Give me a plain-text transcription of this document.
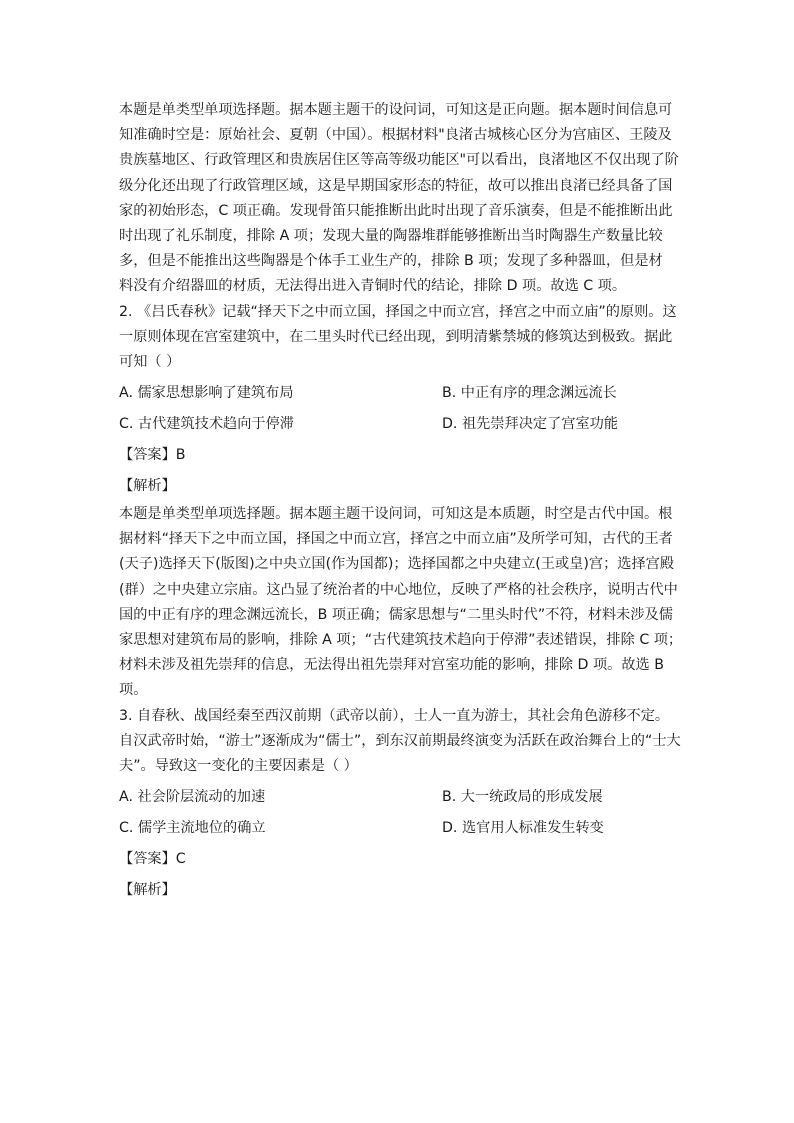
本题是单类型单项选择题。据本题主题干的设问词，可知这是正向题。据本题时间信息可
知准确时空是：原始社会、夏朝（中国）。根据材料"良渚古城核心区分为宫庙区、王陵及
贵族墓地区、行政管理区和贵族居住区等高等级功能区"可以看出，良渚地区不仅出现了阶
级分化还出现了行政管理区域，这是早期国家形态的特征，故可以推出良渚已经具备了国
家的初始形态，C 项正确。发现骨笛只能推断出此时出现了音乐演奏，但是不能推断出此
时出现了礼乐制度，排除 A 项；发现大量的陶器堆群能够推断出当时陶器生产数量比较
多，但是不能推出这些陶器是个体手工业生产的，排除 B 项；发现了多种器皿，但是材
料没有介绍器皿的材质，无法得出进入青铜时代的结论，排除 D 项。故选 C 项。
2. 《吕氏春秋》记载“择天下之中而立国，择国之中而立宫，择宫之中而立庙”的原则。这
一原则体现在宫室建筑中，在二里头时代已经出现，到明清紫禁城的修筑达到极致。据此
可知（ ）
A. 儒家思想影响了建筑布局	B. 中正有序的理念渊远流长
C. 古代建筑技术趋向于停滞	D. 祖先崇拜决定了宫室功能
【答案】B
【解析】
本题是单类型单项选择题。据本题主题干设问词，可知这是本质题，时空是古代中国。根
据材料“择天下之中而立国，择国之中而立宫，择宫之中而立庙”及所学可知，古代的王者
(天子)选择天下(版图)之中央立国(作为国都)；选择国都之中央建立(王或皇)宫；选择宫殿
(群）之中央建立宗庙。这凸显了统治者的中心地位，反映了严格的社会秩序，说明古代中
国的中正有序的理念渊远流长，B 项正确；儒家思想与“二里头时代”不符，材料未涉及儒
家思想对建筑布局的影响，排除 A 项；“古代建筑技术趋向于停滞”表述错误，排除 C 项；
材料未涉及祖先崇拜的信息，无法得出祖先崇拜对宫室功能的影响，排除 D 项。故选 B
项。
3. 自春秋、战国经秦至西汉前期（武帝以前），士人一直为游士，其社会角色游移不定。
自汉武帝时始，“游士”逐渐成为“儒士”，到东汉前期最终演变为活跃在政治舞台上的“士大
夫”。导致这一变化的主要因素是（ ）
A. 社会阶层流动的加速	B. 大一统政局的形成发展
C. 儒学主流地位的确立	D. 选官用人标准发生转变
【答案】C
【解析】
